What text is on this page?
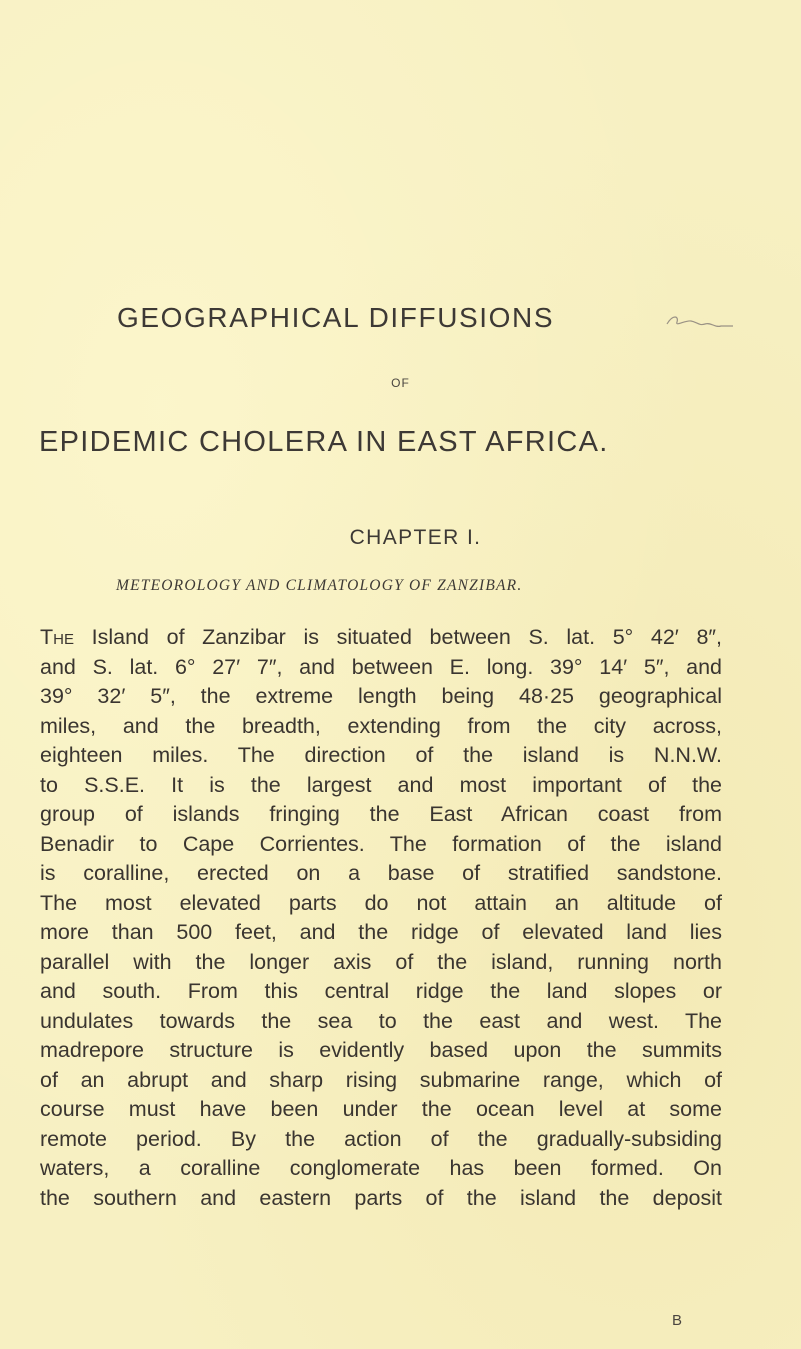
GEOGRAPHICAL DIFFUSIONS
OF
EPIDEMIC CHOLERA IN EAST AFRICA.
CHAPTER I.
METEOROLOGY AND CLIMATOLOGY OF ZANZIBAR.
The Island of Zanzibar is situated between S. lat. 5° 42′ 8″,
and S. lat. 6° 27′ 7″, and between E. long. 39° 14′ 5″, and
39° 32′ 5″, the extreme length being 48·25 geographical
miles, and the breadth, extending from the city across,
eighteen miles. The direction of the island is N.N.W.
to S.S.E. It is the largest and most important of the
group of islands fringing the East African coast from
Benadir to Cape Corrientes. The formation of the island
is coralline, erected on a base of stratified sandstone.
The most elevated parts do not attain an altitude of
more than 500 feet, and the ridge of elevated land lies
parallel with the longer axis of the island, running north
and south. From this central ridge the land slopes or
undulates towards the sea to the east and west. The
madrepore structure is evidently based upon the summits
of an abrupt and sharp rising submarine range, which of
course must have been under the ocean level at some
remote period. By the action of the gradually-subsiding
waters, a coralline conglomerate has been formed. On
the southern and eastern parts of the island the deposit
B
